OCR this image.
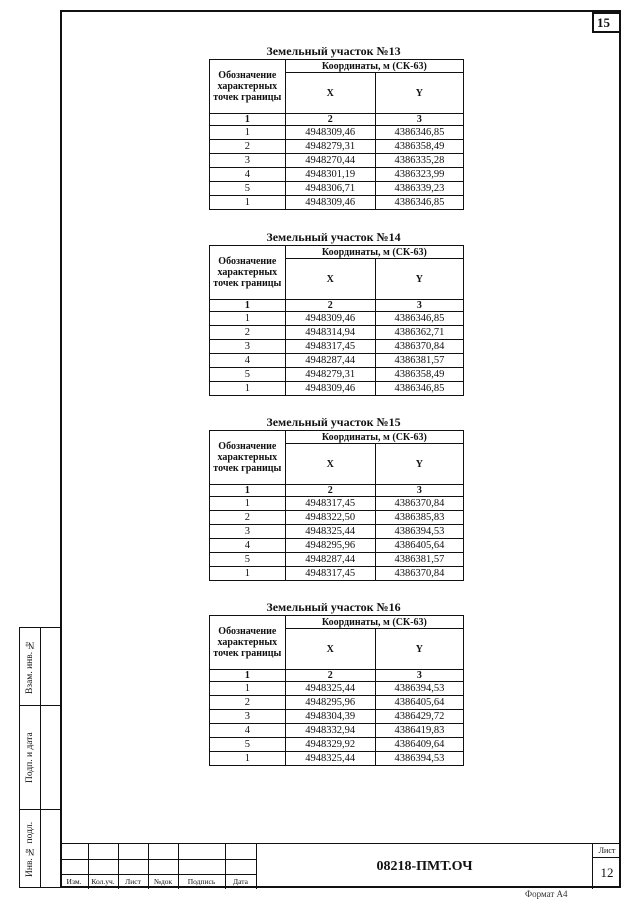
15
Взам. инв. №
Подп. и дата
Инв. № подл.
Земельный участок №13
Обозначение характерных точек границы	Координаты, м (СК-63)	
	X	Y
1	2	3
1	4948309,46	4386346,85
2	4948279,31	4386358,49
3	4948270,44	4386335,28
4	4948301,19	4386323,99
5	4948306,71	4386339,23
1	4948309,46	4386346,85
Земельный участок №14
Обозначение характерных точек границы	Координаты, м (СК-63)	
	X	Y
1	2	3
1	4948309,46	4386346,85
2	4948314,94	4386362,71
3	4948317,45	4386370,84
4	4948287,44	4386381,57
5	4948279,31	4386358,49
1	4948309,46	4386346,85
Земельный участок №15
Обозначение характерных точек границы	Координаты, м (СК-63)	
	X	Y
1	2	3
1	4948317,45	4386370,84
2	4948322,50	4386385,83
3	4948325,44	4386394,53
4	4948295,96	4386405,64
5	4948287,44	4386381,57
1	4948317,45	4386370,84
Земельный участок №16
Обозначение характерных точек границы	Координаты, м (СК-63)	
	X	Y
1	2	3
1	4948325,44	4386394,53
2	4948295,96	4386405,64
3	4948304,39	4386429,72
4	4948332,94	4386419,83
5	4948329,92	4386409,64
1	4948325,44	4386394,53
Изм.	Кол.уч.	Лист	№док	Подпись	Дата
08218-ПМТ.ОЧ
Лист
12
Формат А4
